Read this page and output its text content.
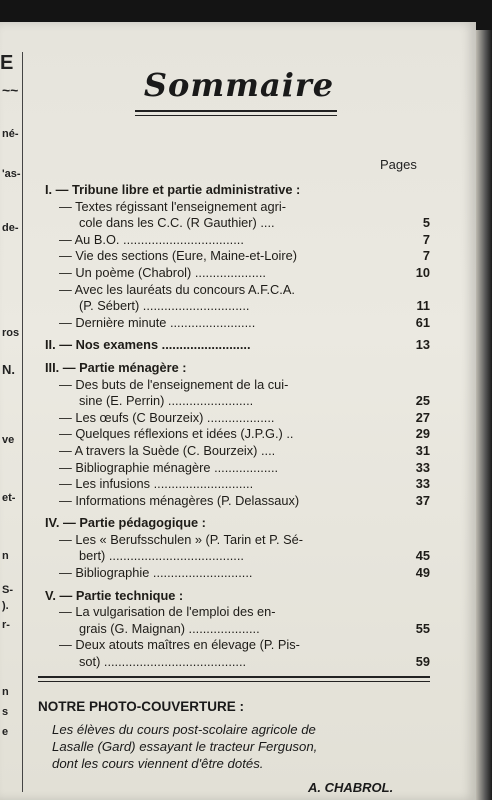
E
~~
né-
'as-
de-
ros
N.
ve
et-
n
S-
).
r-
n
s
e
Sommaire
Pages
I. — Tribune libre et partie administrative :
— Textes régissant l'enseignement agri-
cole dans les C.C. (R Gauthier) ....	5
— Au B.O. ..................................	7
— Vie des sections (Eure, Maine-et-Loire)	7
— Un poème (Chabrol) ....................	10
— Avec les lauréats du concours A.F.C.A.
(P. Sébert) ..............................	11
— Dernière minute ........................	61
II. — Nos examens .........................	13
III. — Partie ménagère :
— Des buts de l'enseignement de la cui-
sine (E. Perrin) ........................	25
— Les œufs (C Bourzeix) ...................	27
— Quelques réflexions et idées (J.P.G.) ..	29
— A travers la Suède (C. Bourzeix) ....	31
— Bibliographie ménagère ..................	33
— Les infusions ............................	33
— Informations ménagères (P. Delassaux)	37
IV. — Partie pédagogique :
— Les « Berufsschulen » (P. Tarin et P. Sé-
bert) ......................................	45
— Bibliographie ............................	49
V. — Partie technique :
— La vulgarisation de l'emploi des en-
grais (G. Maignan) ....................	55
— Deux atouts maîtres en élevage (P. Pis-
sot) ........................................	59
NOTRE PHOTO-COUVERTURE :
Les élèves du cours post-scolaire agricole de
Lasalle (Gard) essayant le tracteur Ferguson,
dont les cours viennent d'être dotés.
A. CHABROL.
